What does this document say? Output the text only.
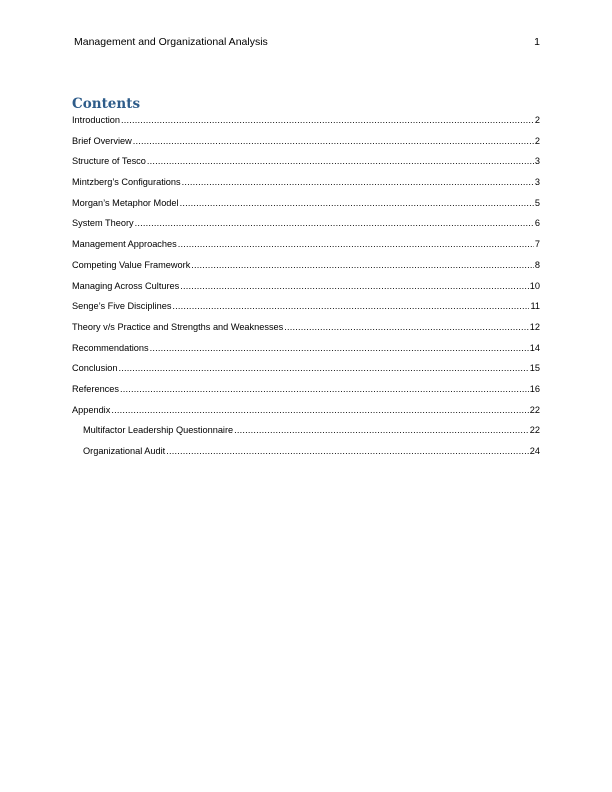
Management and Organizational Analysis	1
Contents
Introduction .....	2
Brief Overview .....	2
Structure of Tesco .....	3
Mintzberg’s Configurations .....	3
Morgan’s Metaphor Model .....	5
System Theory .....	6
Management Approaches .....	7
Competing Value Framework .....	8
Managing Across Cultures .....	10
Senge’s Five Disciplines .....	11
Theory v/s Practice and Strengths and Weaknesses .....	12
Recommendations .....	14
Conclusion .....	15
References .....	16
Appendix .....	22
Multifactor Leadership Questionnaire .....	22
Organizational Audit .....	24
